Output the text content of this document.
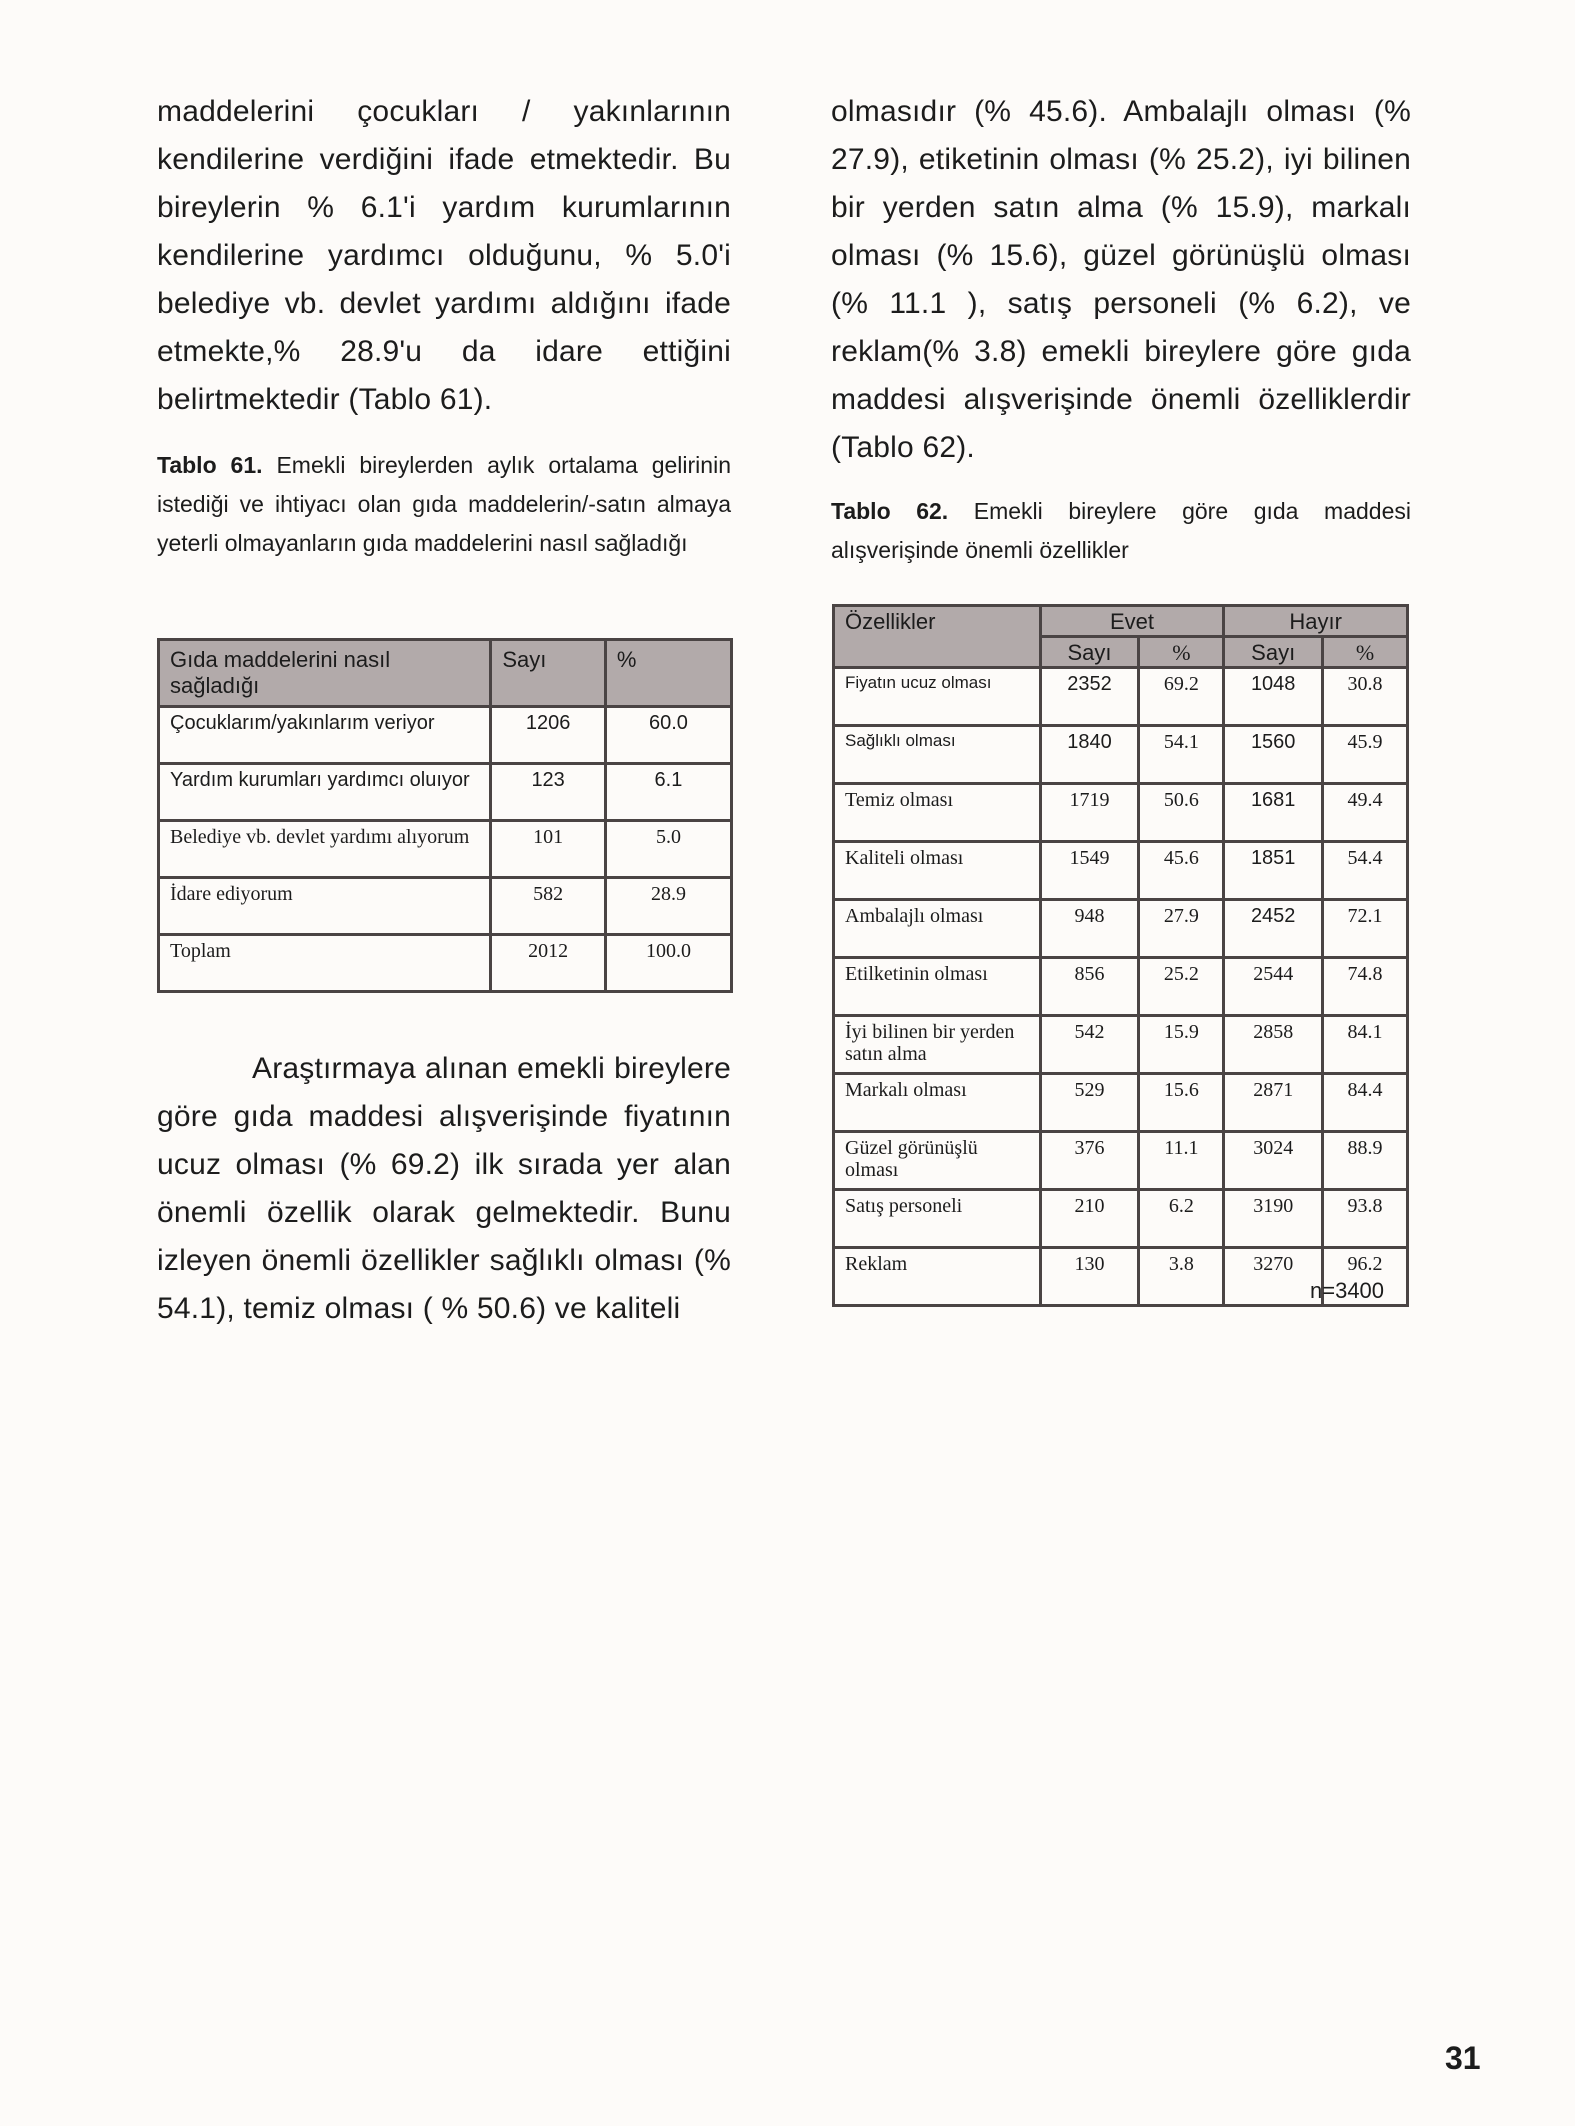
maddelerini çocukları / yakınlarının kendilerine verdiğini ifade etmektedir. Bu bireylerin % 6.1'i yardım kurumlarının kendilerine yardımcı olduğunu, % 5.0'i belediye vb. devlet yardımı aldığını ifade etmekte,% 28.9'u da idare ettiğini belirtmektedir (Tablo 61).

Tablo 61. Emekli bireylerden aylık ortalama gelirinin istediği ve ihtiyacı olan gıda maddelerin/-satın almaya yeterli olmayanların gıda maddelerini nasıl sağladığı

Gıda maddelerini nasıl sağladığı	Sayı	%
Çocuklarım/yakınlarım veriyor	1206	60.0
Yardım kurumları yardımcı oluıyor	123	6.1
Belediye vb. devlet yardımı alıyorum	101	5.0
İdare ediyorum	582	28.9
Toplam	2012	100.0

Araştırmaya alınan emekli bireylere göre gıda maddesi alışverişinde fiyatının ucuz olması (% 69.2) ilk sırada yer alan önemli özellik olarak gelmektedir. Bunu izleyen önemli özellikler sağlıklı olması (% 54.1), temiz olması ( % 50.6) ve kaliteli

olmasıdır (% 45.6). Ambalajlı olması (% 27.9), etiketinin olması (% 25.2), iyi bilinen bir yerden satın alma (% 15.9), markalı olması (% 15.6), güzel görünüşlü olması (% 11.1 ), satış personeli (% 6.2), ve reklam(% 3.8) emekli bireylere göre gıda maddesi alışverişinde önemli özelliklerdir (Tablo 62).

Tablo 62. Emekli bireylere göre gıda maddesi alışverişinde önemli özellikler

Özellikler	Evet		Hayır	
	Sayı	%	Sayı	%
Fiyatın ucuz olması	2352	69.2	1048	30.8
Sağlıklı olması	1840	54.1	1560	45.9
Temiz olması	1719	50.6	1681	49.4
Kaliteli olması	1549	45.6	1851	54.4
Ambalajlı olması	948	27.9	2452	72.1
Etilketinin olması	856	25.2	2544	74.8
İyi bilinen bir yerden satın alma	542	15.9	2858	84.1
Markalı olması	529	15.6	2871	84.4
Güzel görünüşlü olması	376	11.1	3024	88.9
Satış personeli	210	6.2	3190	93.8
Reklam	130	3.8	3270	96.2
n=3400
31
